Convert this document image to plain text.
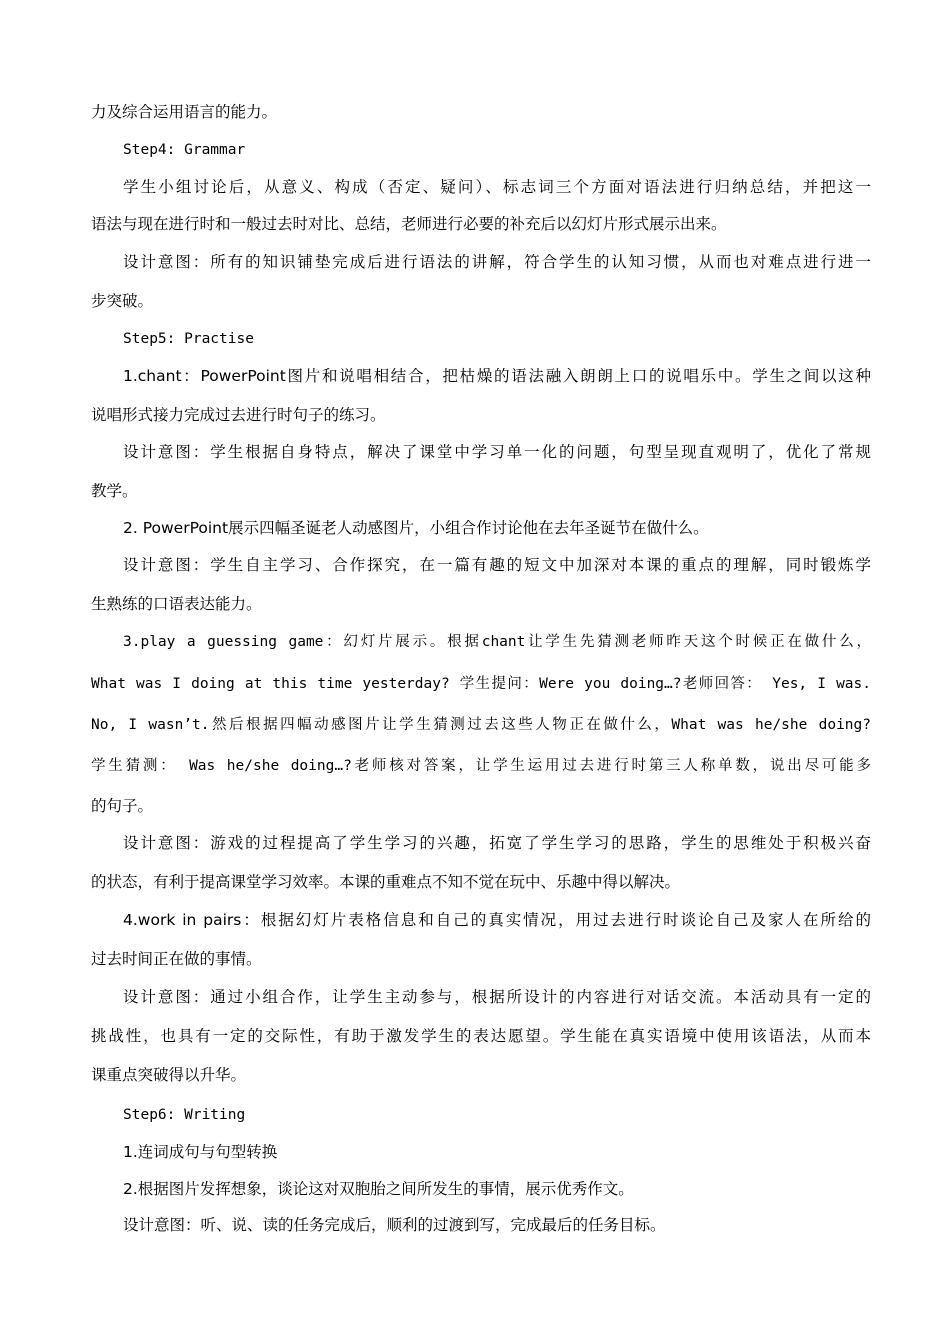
力及综合运用语言的能力。
Step4: Grammar
学生小组讨论后，从意义、构成（否定、疑问）、标志词三个方面对语法进行归纳总结，并把这一
语法与现在进行时和一般过去时对比、总结，老师进行必要的补充后以幻灯片形式展示出来。
设计意图：所有的知识铺垫完成后进行语法的讲解，符合学生的认知习惯，从而也对难点进行进一
步突破。
Step5: Practise
1.chant：PowerPoint图片和说唱相结合，把枯燥的语法融入朗朗上口的说唱乐中。学生之间以这种
说唱形式接力完成过去进行时句子的练习。
设计意图：学生根据自身特点，解决了课堂中学习单一化的问题，句型呈现直观明了，优化了常规
教学。
2. PowerPoint展示四幅圣诞老人动感图片，小组合作讨论他在去年圣诞节在做什么。
设计意图：学生自主学习、合作探究，在一篇有趣的短文中加深对本课的重点的理解，同时锻炼学
生熟练的口语表达能力。
3.play a guessing game：幻灯片展示。根据chant让学生先猜测老师昨天这个时候正在做什么，
What was I doing at this time yesterday? 学生提问：Were you doing…?老师回答： Yes, I was.
No, I wasn’t.然后根据四幅动感图片让学生猜测过去这些人物正在做什么，What was he/she doing?
学生猜测： Was he/she doing…?老师核对答案，让学生运用过去进行时第三人称单数，说出尽可能多
的句子。
设计意图：游戏的过程提高了学生学习的兴趣，拓宽了学生学习的思路，学生的思维处于积极兴奋
的状态，有利于提高课堂学习效率。本课的重难点不知不觉在玩中、乐趣中得以解决。
4.work in pairs：根据幻灯片表格信息和自己的真实情况，用过去进行时谈论自己及家人在所给的
过去时间正在做的事情。
设计意图：通过小组合作，让学生主动参与，根据所设计的内容进行对话交流。本活动具有一定的
挑战性，也具有一定的交际性，有助于激发学生的表达愿望。学生能在真实语境中使用该语法，从而本
课重点突破得以升华。
Step6: Writing
1.连词成句与句型转换
2.根据图片发挥想象，谈论这对双胞胎之间所发生的事情，展示优秀作文。
设计意图：听、说、读的任务完成后，顺利的过渡到写，完成最后的任务目标。
